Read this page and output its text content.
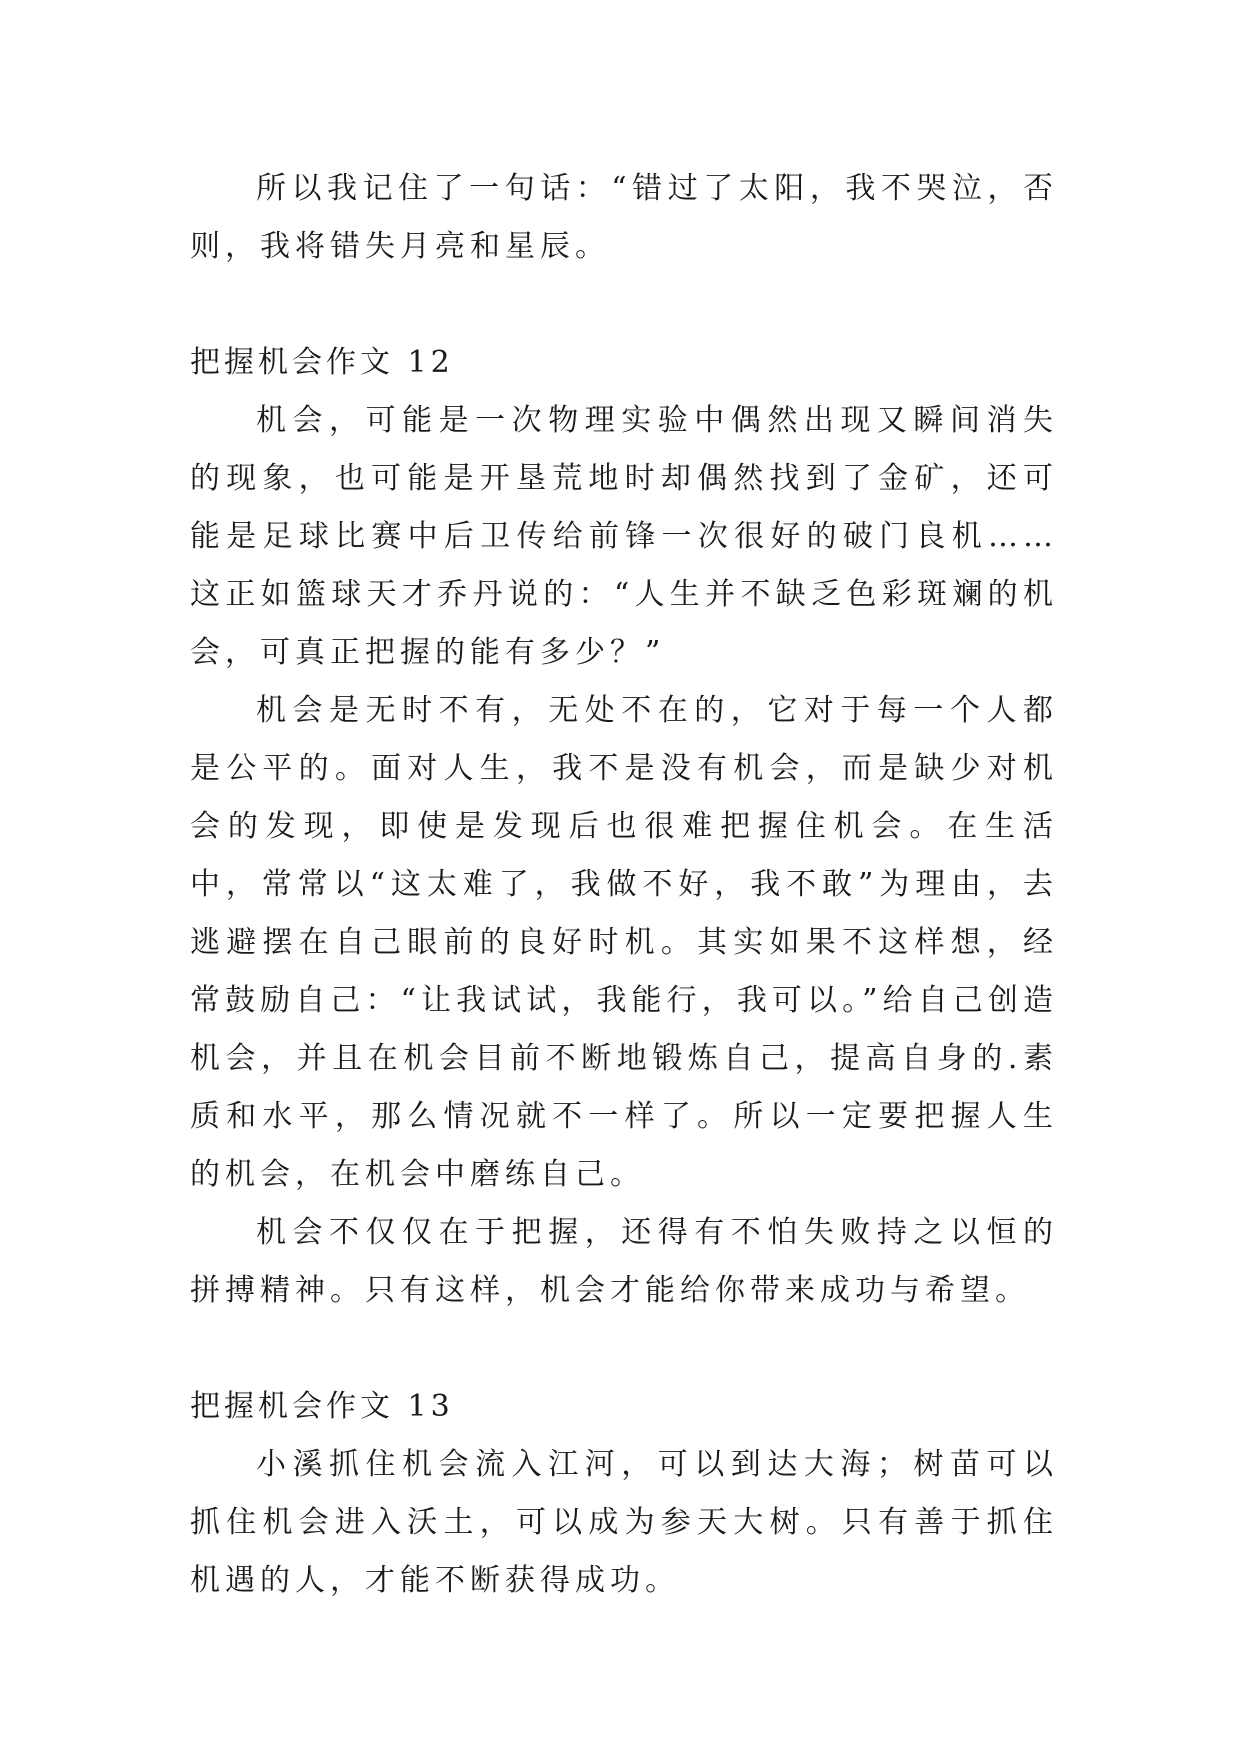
所以我记住了一句话：“错过了太阳，我不哭泣，否则，我将错失月亮和星辰。

把握机会作文 12

机会，可能是一次物理实验中偶然出现又瞬间消失的现象，也可能是开垦荒地时却偶然找到了金矿，还可能是足球比赛中后卫传给前锋一次很好的破门良机……这正如篮球天才乔丹说的：“人生并不缺乏色彩斑斓的机会，可真正把握的能有多少？”

机会是无时不有，无处不在的，它对于每一个人都是公平的。面对人生，我不是没有机会，而是缺少对机会的发现，即使是发现后也很难把握住机会。在生活中，常常以“这太难了，我做不好，我不敢”为理由，去逃避摆在自己眼前的良好时机。其实如果不这样想，经常鼓励自己：“让我试试，我能行，我可以。”给自己创造机会，并且在机会目前不断地锻炼自己，提高自身的.素质和水平，那么情况就不一样了。所以一定要把握人生的机会，在机会中磨练自己。

机会不仅仅在于把握，还得有不怕失败持之以恒的拼搏精神。只有这样，机会才能给你带来成功与希望。

把握机会作文 13

小溪抓住机会流入江河，可以到达大海；树苗可以抓住机会进入沃土，可以成为参天大树。只有善于抓住机遇的人，才能不断获得成功。
